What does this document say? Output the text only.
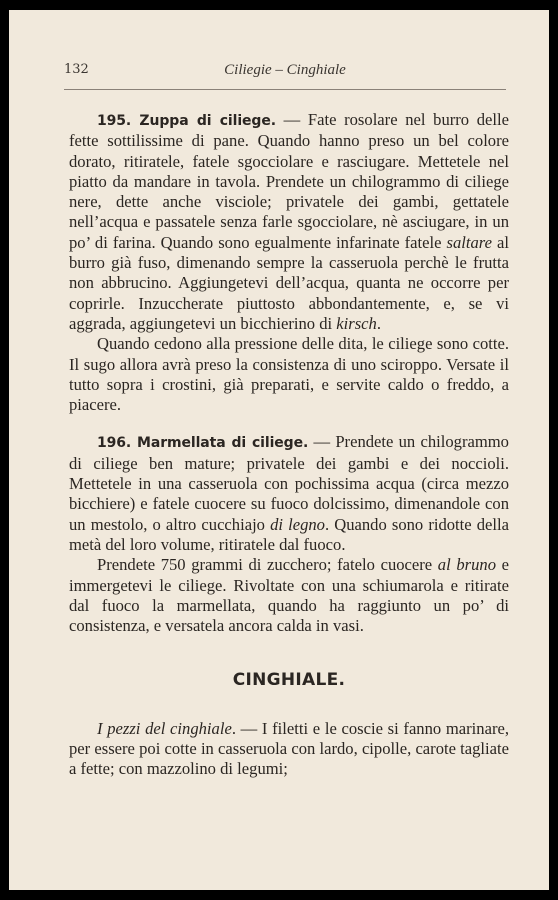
132	Ciliegie – Cinghiale

195. Zuppa di ciliege. — Fate rosolare nel burro delle fette sottilissime di pane. Quando hanno preso un bel colore dorato, ritiratele, fatele sgocciolare e rasciugare. Mettetele nel piatto da mandare in tavola. Prendete un chilogrammo di ciliege nere, dette anche visciole; privatele dei gambi, gettatele nell’acqua e passatele senza farle sgocciolare, nè asciugare, in un po’ di farina. Quando sono egualmente infarinate fatele saltare al burro già fuso, dimenando sempre la casseruola perchè le frutta non abbrucino. Aggiungetevi dell’acqua, quanta ne occorre per coprirle. Inzuccherate piuttosto abbondantemente, e, se vi aggrada, aggiungetevi un bicchierino di kirsch.

Quando cedono alla pressione delle dita, le ciliege sono cotte. Il sugo allora avrà preso la consistenza di uno sciroppo. Versate il tutto sopra i crostini, già preparati, e servite caldo o freddo, a piacere.

196. Marmellata di ciliege. — Prendete un chilogrammo di ciliege ben mature; privatele dei gambi e dei noccioli. Mettetele in una casseruola con pochissima acqua (circa mezzo bicchiere) e fatele cuocere su fuoco dolcissimo, dimenandole con un mestolo, o altro cucchiajo di legno. Quando sono ridotte della metà del loro volume, ritiratele dal fuoco.

Prendete 750 grammi di zucchero; fatelo cuocere al bruno e immergetevi le ciliege. Rivoltate con una schiumarola e ritirate dal fuoco la marmellata, quando ha raggiunto un po’ di consistenza, e versatela ancora calda in vasi.

CINGHIALE.

I pezzi del cinghiale. — I filetti e le coscie si fanno marinare, per essere poi cotte in casseruola con lardo, cipolle, carote tagliate a fette; con mazzolino di legumi;
